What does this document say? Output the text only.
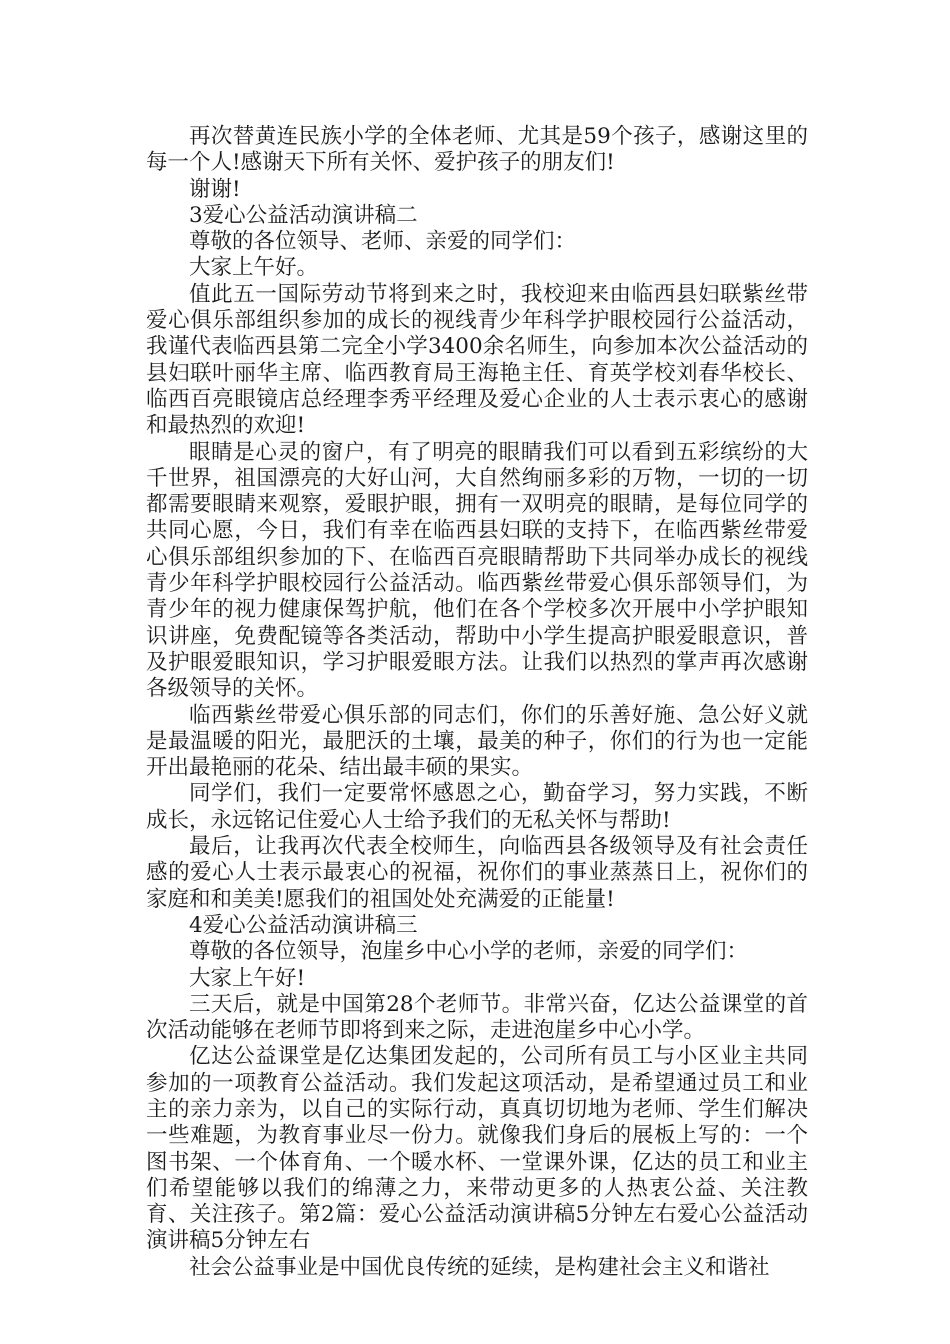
再次替黄连民族小学的全体老师、尤其是59个孩子，感谢这里的每一个人!感谢天下所有关怀、爱护孩子的朋友们!

谢谢!

3爱心公益活动演讲稿二

尊敬的各位领导、老师、亲爱的同学们：

大家上午好。

值此五一国际劳动节将到来之时，我校迎来由临西县妇联紫丝带爱心俱乐部组织参加的成长的视线青少年科学护眼校园行公益活动，我谨代表临西县第二完全小学3400余名师生，向参加本次公益活动的县妇联叶丽华主席、临西教育局王海艳主任、育英学校刘春华校长、临西百亮眼镜店总经理李秀平经理及爱心企业的人士表示衷心的感谢和最热烈的欢迎!

眼睛是心灵的窗户，有了明亮的眼睛我们可以看到五彩缤纷的大千世界，祖国漂亮的大好山河，大自然绚丽多彩的万物，一切的一切都需要眼睛来观察，爱眼护眼，拥有一双明亮的眼睛，是每位同学的共同心愿，今日，我们有幸在临西县妇联的支持下，在临西紫丝带爱心俱乐部组织参加的下、在临西百亮眼睛帮助下共同举办成长的视线青少年科学护眼校园行公益活动。临西紫丝带爱心俱乐部领导们，为青少年的视力健康保驾护航，他们在各个学校多次开展中小学护眼知识讲座，免费配镜等各类活动，帮助中小学生提高护眼爱眼意识，普及护眼爱眼知识，学习护眼爱眼方法。让我们以热烈的掌声再次感谢各级领导的关怀。

临西紫丝带爱心俱乐部的同志们，你们的乐善好施、急公好义就是最温暖的阳光，最肥沃的土壤，最美的种子，你们的行为也一定能开出最艳丽的花朵、结出最丰硕的果实。

同学们，我们一定要常怀感恩之心，勤奋学习，努力实践，不断成长，永远铭记住爱心人士给予我们的无私关怀与帮助!

最后，让我再次代表全校师生，向临西县各级领导及有社会责任感的爱心人士表示最衷心的祝福，祝你们的事业蒸蒸日上，祝你们的家庭和和美美!愿我们的祖国处处充满爱的正能量!

4爱心公益活动演讲稿三

尊敬的各位领导，泡崖乡中心小学的老师，亲爱的同学们：

大家上午好!

三天后，就是中国第28个老师节。非常兴奋，亿达公益课堂的首次活动能够在老师节即将到来之际，走进泡崖乡中心小学。

亿达公益课堂是亿达集团发起的，公司所有员工与小区业主共同参加的一项教育公益活动。我们发起这项活动，是希望通过员工和业主的亲力亲为，以自己的实际行动，真真切切地为老师、学生们解决一些难题，为教育事业尽一份力。就像我们身后的展板上写的：一个图书架、一个体育角、一个暖水杯、一堂课外课，亿达的员工和业主们希望能够以我们的绵薄之力，来带动更多的人热衷公益、关注教育、关注孩子。第2篇：爱心公益活动演讲稿5分钟左右爱心公益活动演讲稿5分钟左右

社会公益事业是中国优良传统的延续，是构建社会主义和谐社
